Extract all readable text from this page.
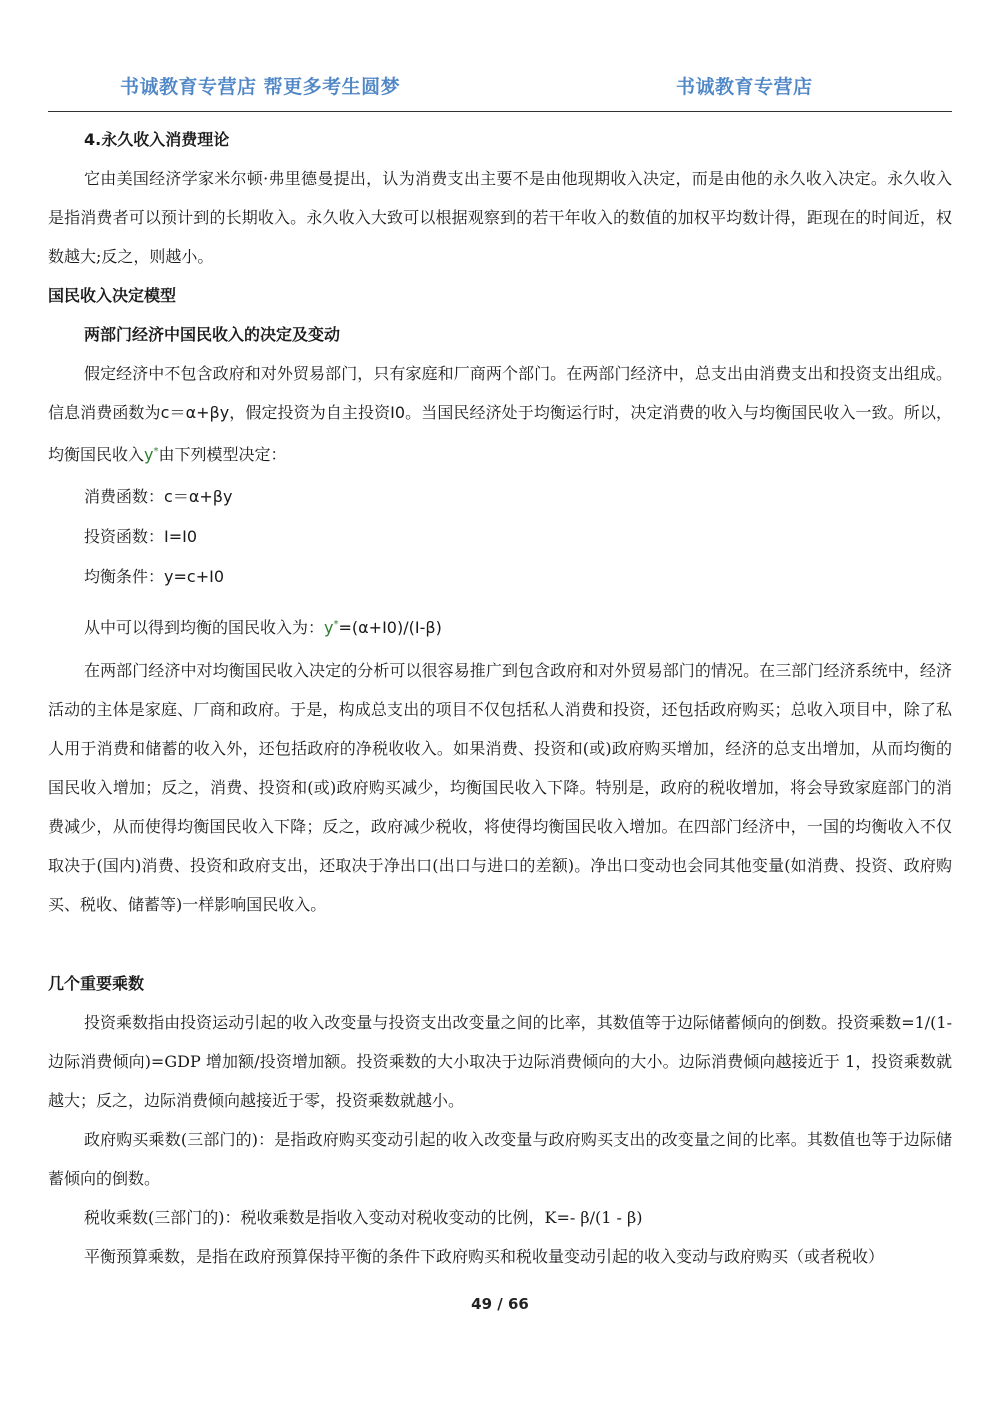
书诚教育专营店 帮更多考生圆梦	书诚教育专营店
4.永久收入消费理论

它由美国经济学家米尔顿·弗里德曼提出，认为消费支出主要不是由他现期收入决定，而是由他的永久收入决定。永久收入是指消费者可以预计到的长期收入。永久收入大致可以根据观察到的若干年收入的数值的加权平均数计得，距现在的时间近，权数越大;反之，则越小。

国民收入决定模型
两部门经济中国民收入的决定及变动

假定经济中不包含政府和对外贸易部门，只有家庭和厂商两个部门。在两部门经济中，总支出由消费支出和投资支出组成。信息消费函数为c＝α+βy，假定投资为自主投资I0。当国民经济处于均衡运行时，决定消费的收入与均衡国民收入一致。所以，均衡国民收入y*由下列模型决定：

消费函数：c＝α+βy
投资函数：I=I0
均衡条件：y=c+I0
从中可以得到均衡的国民收入为：y*=(α+I0)/(I-β)

在两部门经济中对均衡国民收入决定的分析可以很容易推广到包含政府和对外贸易部门的情况。在三部门经济系统中，经济活动的主体是家庭、厂商和政府。于是，构成总支出的项目不仅包括私人消费和投资，还包括政府购买；总收入项目中，除了私人用于消费和储蓄的收入外，还包括政府的净税收收入。如果消费、投资和(或)政府购买增加，经济的总支出增加，从而均衡的国民收入增加；反之，消费、投资和(或)政府购买减少，均衡国民收入下降。特别是，政府的税收增加，将会导致家庭部门的消费减少，从而使得均衡国民收入下降；反之，政府减少税收，将使得均衡国民收入增加。在四部门经济中，一国的均衡收入不仅取决于(国内)消费、投资和政府支出，还取决于净出口(出口与进口的差额)。净出口变动也会同其他变量(如消费、投资、政府购买、税收、储蓄等)一样影响国民收入。

几个重要乘数

投资乘数指由投资运动引起的收入改变量与投资支出改变量之间的比率，其数值等于边际储蓄倾向的倒数。投资乘数=1/(1-边际消费倾向)=GDP 增加额/投资增加额。投资乘数的大小取决于边际消费倾向的大小。边际消费倾向越接近于 1，投资乘数就越大；反之，边际消费倾向越接近于零，投资乘数就越小。

政府购买乘数(三部门的)：是指政府购买变动引起的收入改变量与政府购买支出的改变量之间的比率。其数值也等于边际储蓄倾向的倒数。

税收乘数(三部门的)：税收乘数是指收入变动对税收变动的比例，K=- β/(1 - β)

平衡预算乘数，是指在政府预算保持平衡的条件下政府购买和税收量变动引起的收入变动与政府购买（或者税收）

49 / 66
